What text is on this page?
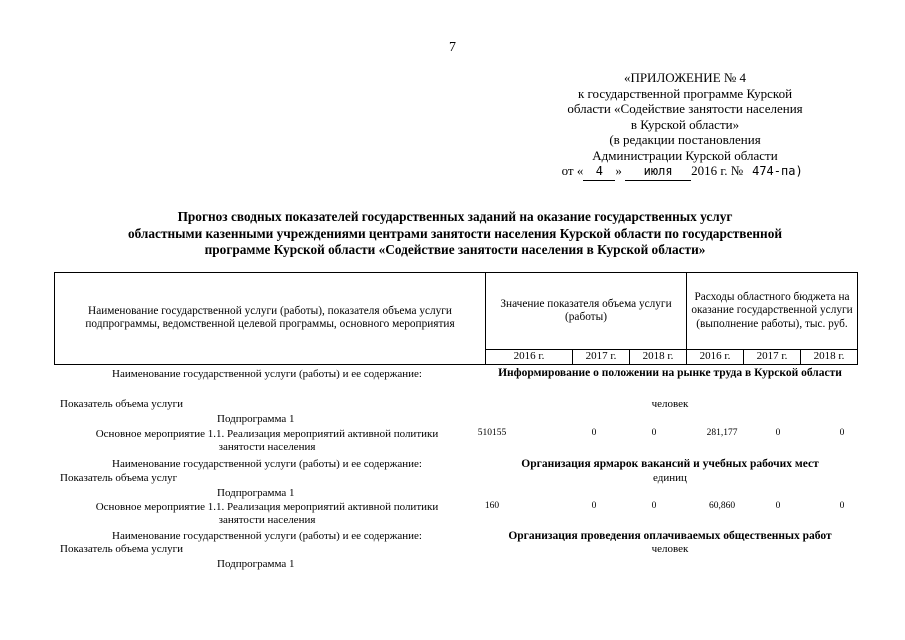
7
«ПРИЛОЖЕНИЕ № 4
к государственной программе Курской
области «Содействие занятости населения
в Курской области»
(в редакции постановления
Администрации Курской области
от « 4 » июля 2016 г. № 474-па)
Прогноз сводных показателей государственных заданий на оказание государственных услуг
областными казенными учреждениями центрами занятости населения Курской области по государственной
программе Курской области «Содействие занятости населения в Курской области»
Наименование государственной услуги (работы), показателя объема услуги подпрограммы, ведомственной целевой программы, основного мероприятия	Значение показателя объема услуги (работы)			Расходы областного бюджета на оказание государственной услуги (выполнение работы), тыс. руб.		
	2016 г.	2017 г.	2018 г.	2016 г.	2017 г.	2018 г.
Наименование государственной услуги (работы) и ее содержание:	Информирование о положении на рынке труда в Курской области
Показатель объема услуги	человек
Подпрограмма 1
Основное мероприятие 1.1. Реализация мероприятий активной политики
занятости населения
510155	0	0	281,177	0	0
Наименование государственной услуги (работы) и ее содержание:	Организация ярмарок вакансий и учебных рабочих мест
Показатель объема услуг	единиц
Подпрограмма 1
Основное мероприятие 1.1. Реализация мероприятий активной политики
занятости населения
160	0	0	60,860	0	0
Наименование государственной услуги (работы) и ее содержание:	Организация проведения оплачиваемых общественных работ
Показатель объема услуги	человек
Подпрограмма 1
